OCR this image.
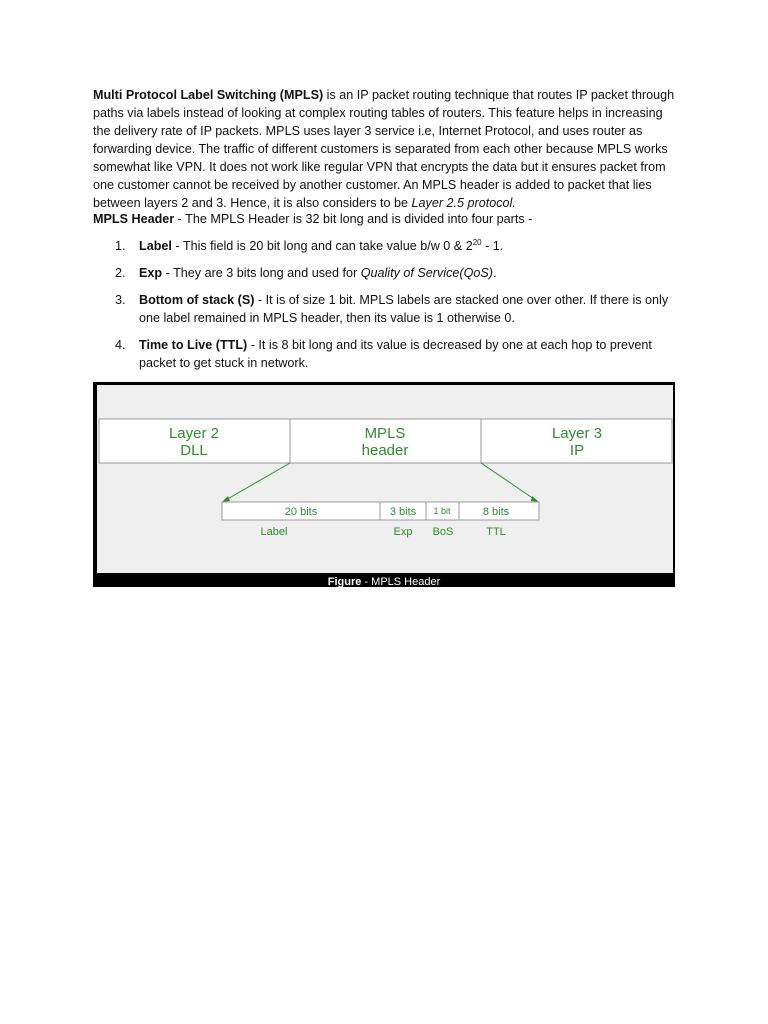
Multi Protocol Label Switching (MPLS) is an IP packet routing technique that routes IP packet through paths via labels instead of looking at complex routing tables of routers. This feature helps in increasing the delivery rate of IP packets. MPLS uses layer 3 service i.e, Internet Protocol, and uses router as forwarding device. The traffic of different customers is separated from each other because MPLS works somewhat like VPN. It does not work like regular VPN that encrypts the data but it ensures packet from one customer cannot be received by another customer. An MPLS header is added to packet that lies between layers 2 and 3. Hence, it is also considers to be Layer 2.5 protocol.

MPLS Header - The MPLS Header is 32 bit long and is divided into four parts -

1. Label - This field is 20 bit long and can take value b/w 0 & $2^{20} - 1$.
2. Exp - They are 3 bits long and used for Quality of Service(QoS).
3. Bottom of stack (S) - It is of size 1 bit. MPLS labels are stacked one over other. If there is only one label remained in MPLS header, then its value is 1 otherwise 0.
4. Time to Live (TTL) - It is 8 bit long and its value is decreased by one at each hop to prevent packet to get stuck in network.
Layer 2
DLL
MPLS
header
Layer 3
IP
20 bits	3 bits 1 bit	8 bits
Label	Exp BoS	TTL
Figure - MPLS Header
